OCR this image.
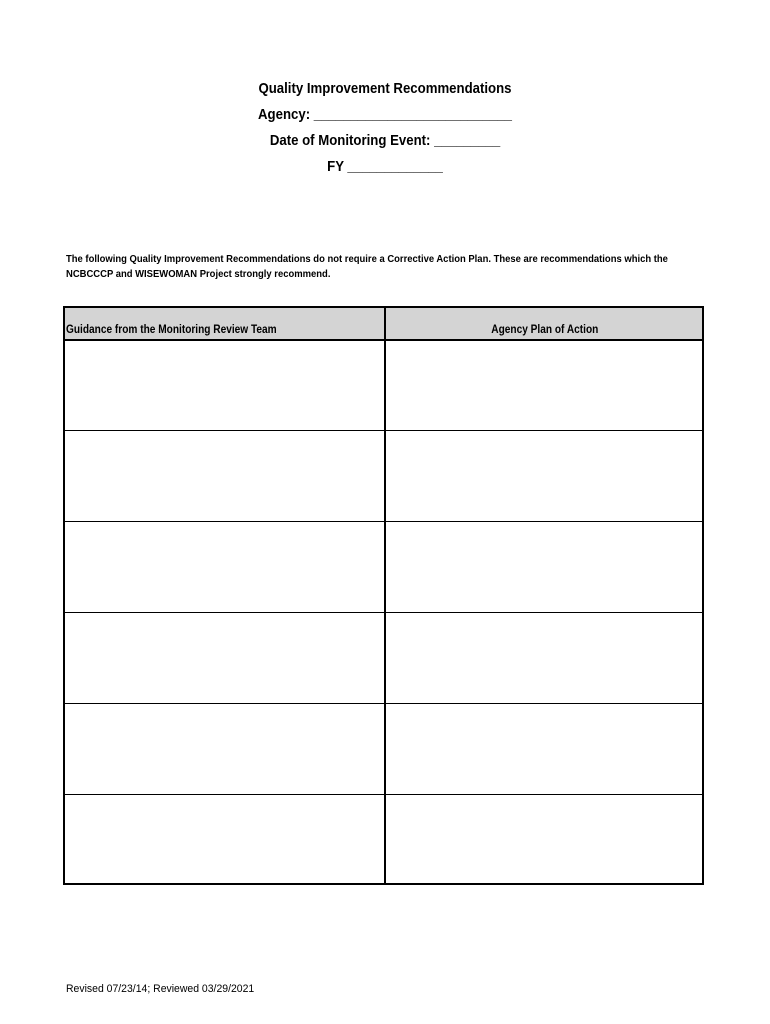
Quality Improvement Recommendations
Agency: ___________________________
Date of Monitoring Event: _________
FY _____________
The following Quality Improvement Recommendations do not require a Corrective Action Plan. These are recommendations which the NCBCCCP and WISEWOMAN Project strongly recommend.
Guidance from the Monitoring Review Team	Agency Plan of Action
Revised 07/23/14; Reviewed 03/29/2021
